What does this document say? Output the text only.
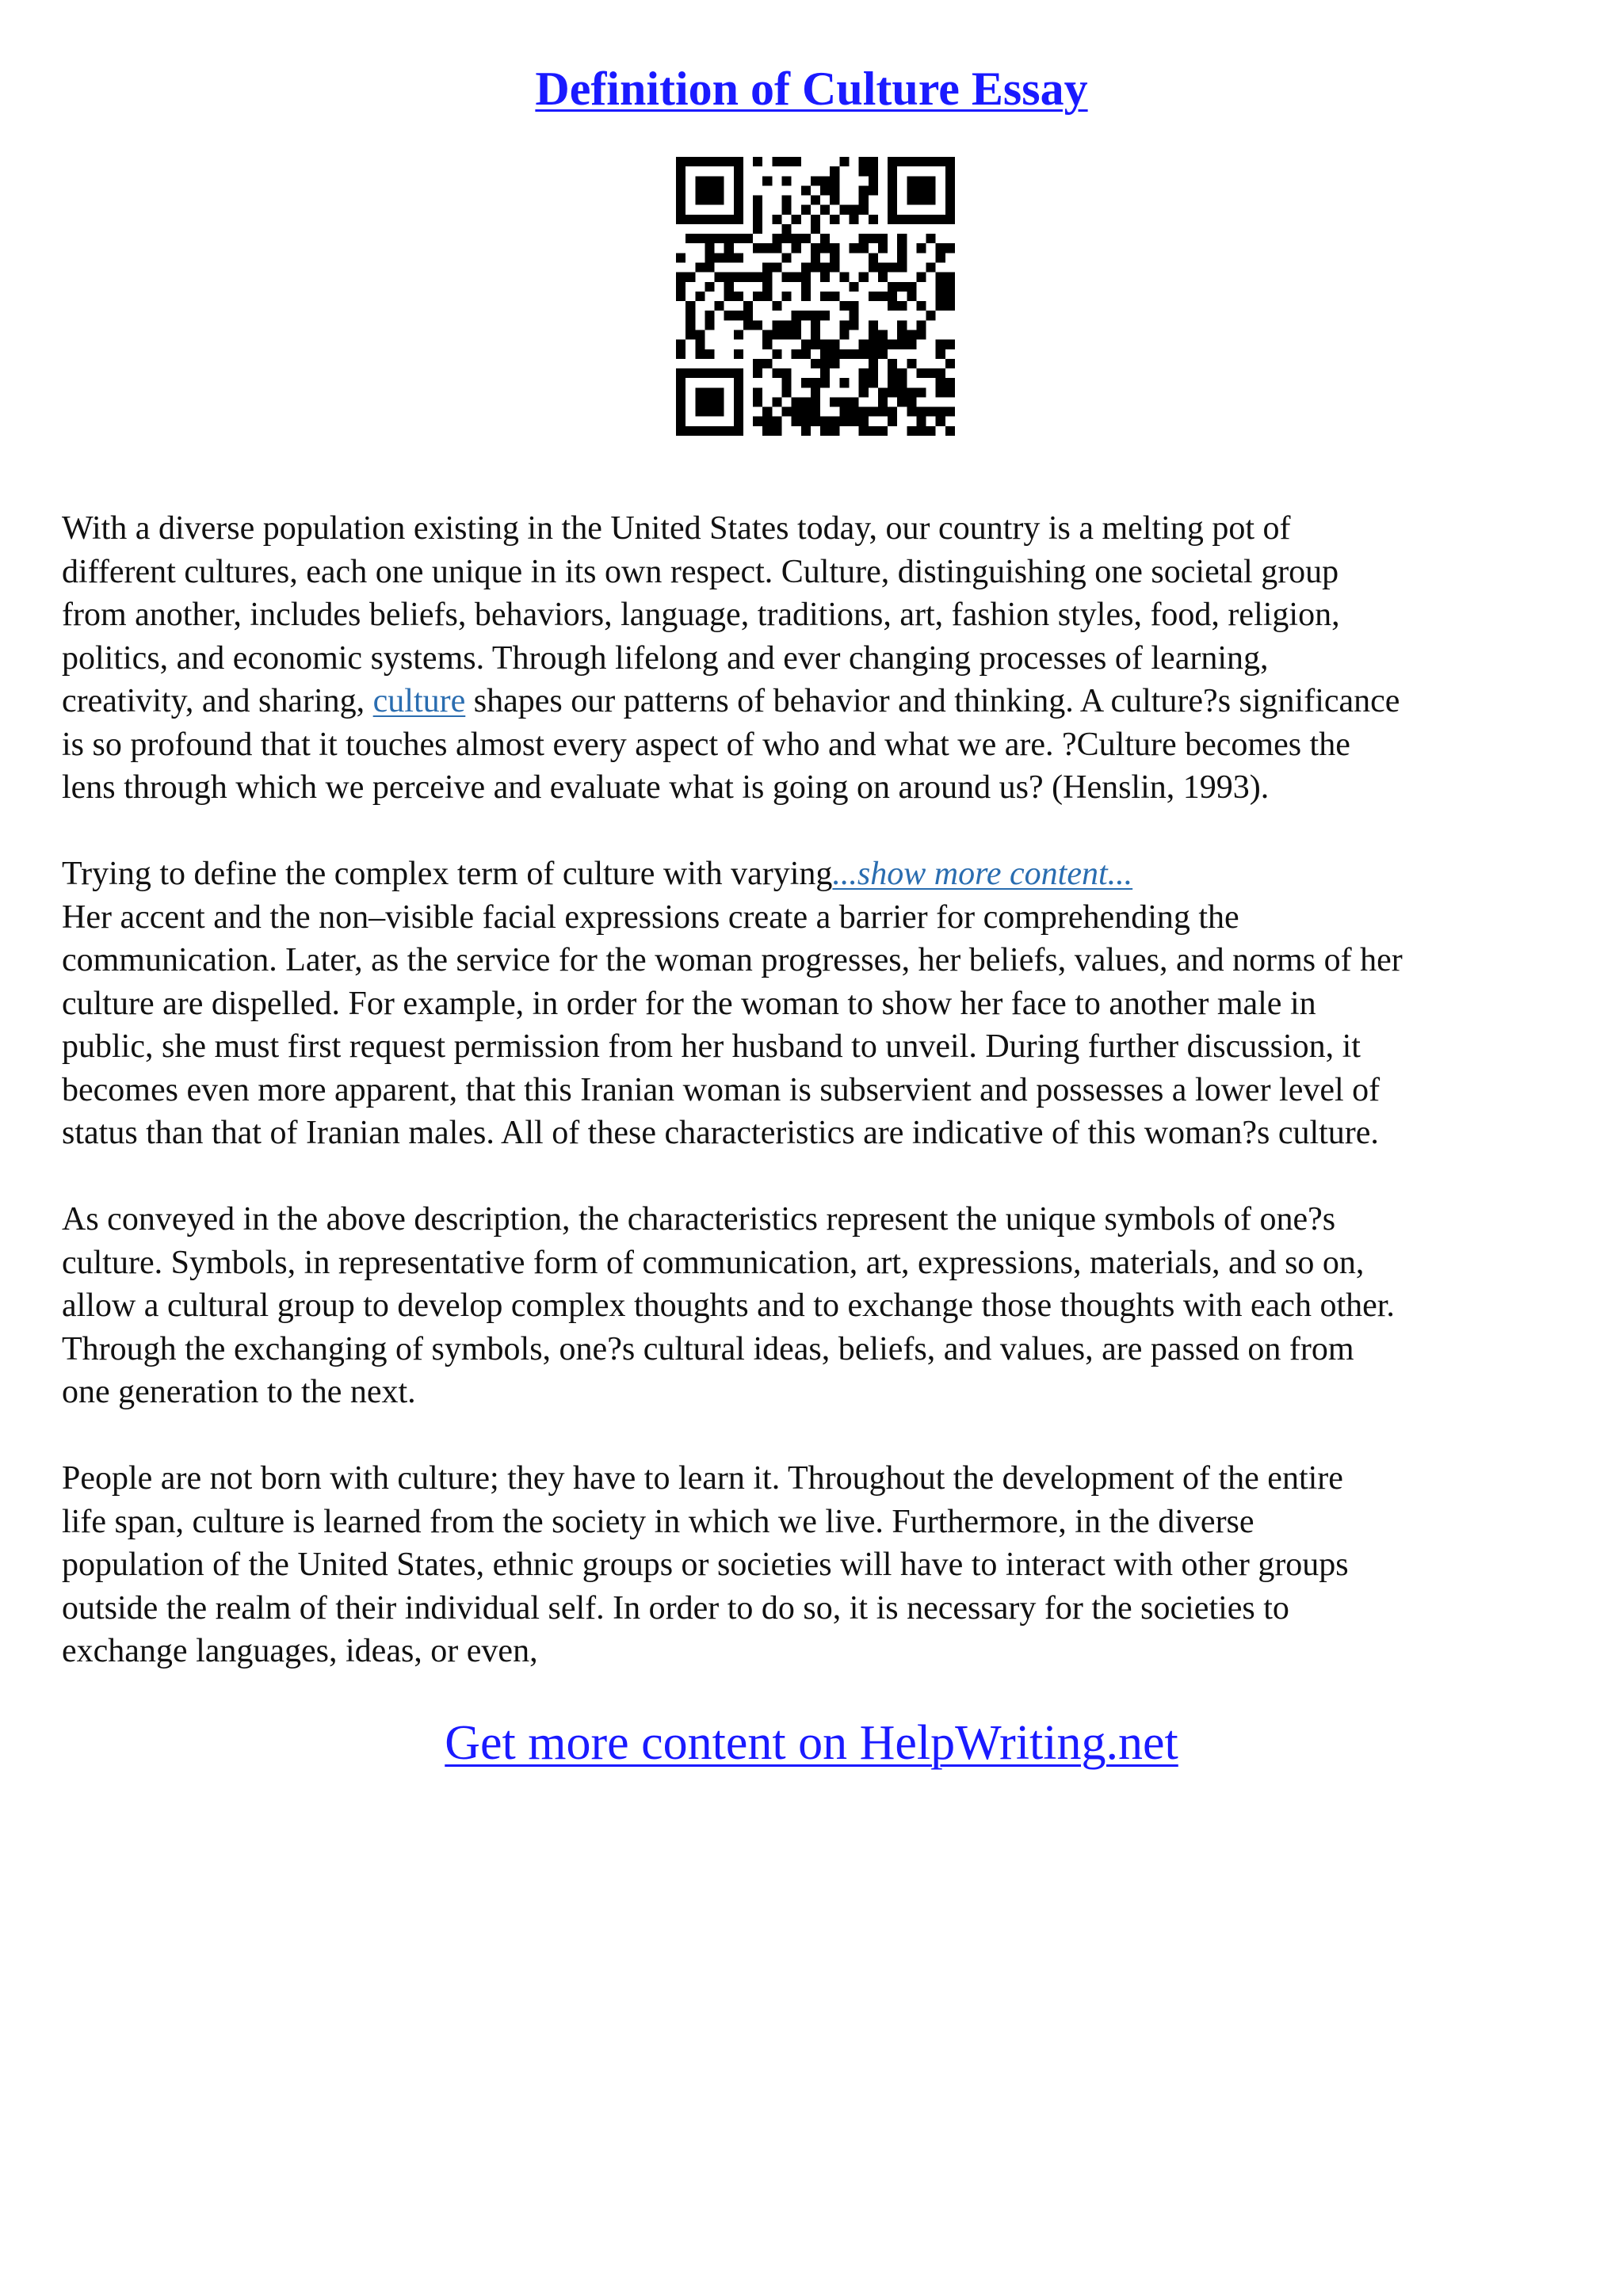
Definition of Culture Essay

With a diverse population existing in the United States today, our country is a melting pot of
different cultures, each one unique in its own respect. Culture, distinguishing one societal group
from another, includes beliefs, behaviors, language, traditions, art, fashion styles, food, religion,
politics, and economic systems. Through lifelong and ever changing processes of learning,
creativity, and sharing, culture shapes our patterns of behavior and thinking. A culture?s significance
is so profound that it touches almost every aspect of who and what we are. ?Culture becomes the
lens through which we perceive and evaluate what is going on around us? (Henslin, 1993).

Trying to define the complex term of culture with varying...show more content...
Her accent and the non–visible facial expressions create a barrier for comprehending the
communication. Later, as the service for the woman progresses, her beliefs, values, and norms of her
culture are dispelled. For example, in order for the woman to show her face to another male in
public, she must first request permission from her husband to unveil. During further discussion, it
becomes even more apparent, that this Iranian woman is subservient and possesses a lower level of
status than that of Iranian males. All of these characteristics are indicative of this woman?s culture.

As conveyed in the above description, the characteristics represent the unique symbols of one?s
culture. Symbols, in representative form of communication, art, expressions, materials, and so on,
allow a cultural group to develop complex thoughts and to exchange those thoughts with each other.
Through the exchanging of symbols, one?s cultural ideas, beliefs, and values, are passed on from
one generation to the next.

People are not born with culture; they have to learn it. Throughout the development of the entire
life span, culture is learned from the society in which we live. Furthermore, in the diverse
population of the United States, ethnic groups or societies will have to interact with other groups
outside the realm of their individual self. In order to do so, it is necessary for the societies to
exchange languages, ideas, or even,

Get more content on HelpWriting.net
